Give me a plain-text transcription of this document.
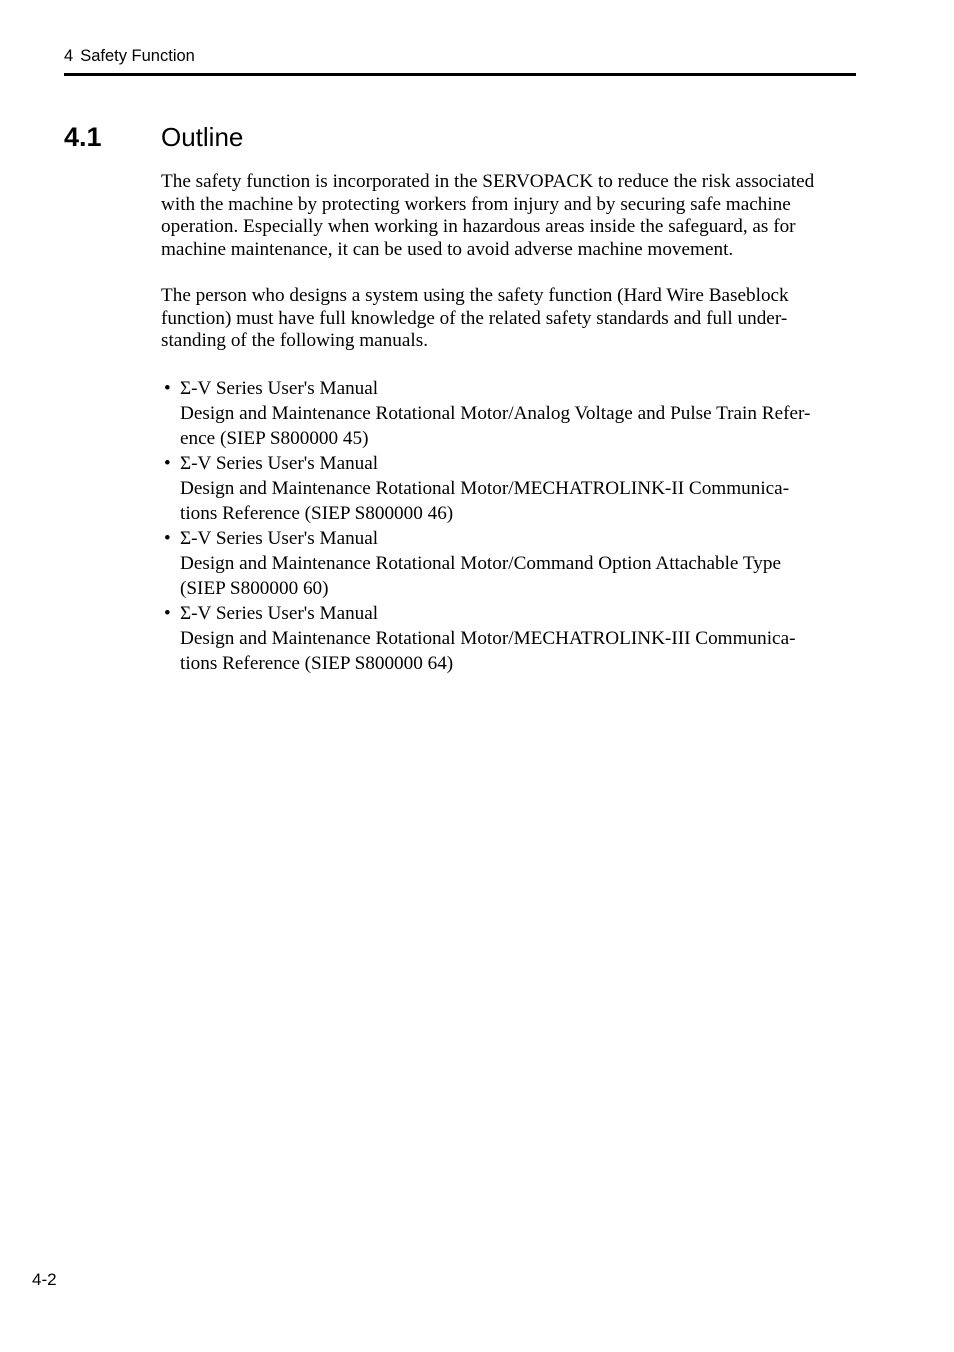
4 Safety Function
4.1 Outline

The safety function is incorporated in the SERVOPACK to reduce the risk associated
with the machine by protecting workers from injury and by securing safe machine
operation. Especially when working in hazardous areas inside the safeguard, as for
machine maintenance, it can be used to avoid adverse machine movement.

The person who designs a system using the safety function (Hard Wire Baseblock
function) must have full knowledge of the related safety standards and full under-
standing of the following manuals.

• Σ-V Series User's Manual
Design and Maintenance Rotational Motor/Analog Voltage and Pulse Train Refer-
ence (SIEP S800000 45)
• Σ-V Series User's Manual
Design and Maintenance Rotational Motor/MECHATROLINK-II Communica-
tions Reference (SIEP S800000 46)
• Σ-V Series User's Manual
Design and Maintenance Rotational Motor/Command Option Attachable Type
(SIEP S800000 60)
• Σ-V Series User's Manual
Design and Maintenance Rotational Motor/MECHATROLINK-III Communica-
tions Reference (SIEP S800000 64)
4-2
